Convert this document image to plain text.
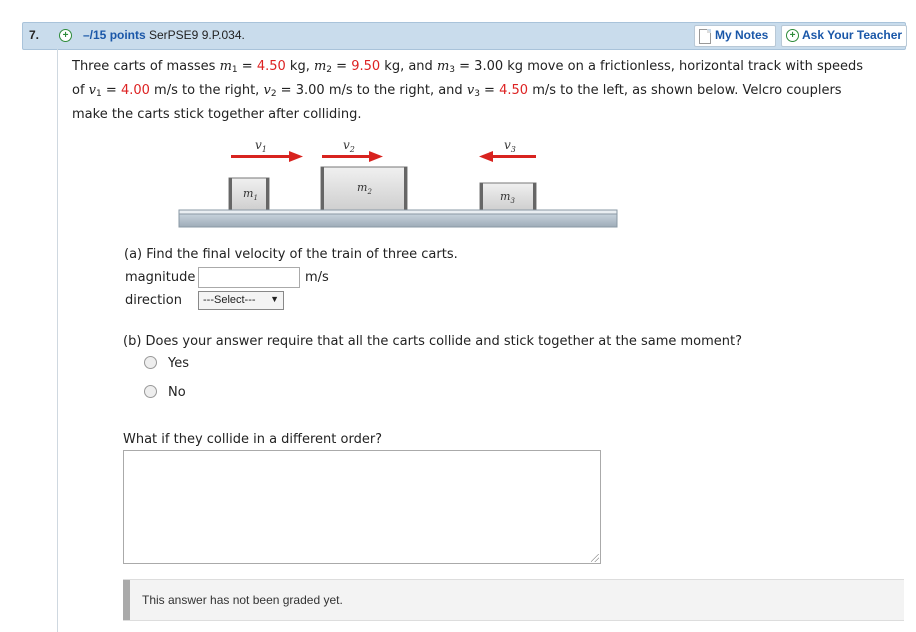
7.	+ –/15 points SerPSE9 9.P.034.	My Notes	+ Ask Your Teacher
Three carts of masses $m_1 = 4.50$ kg, $m_2 = 9.50$ kg, and $m_3 = 3.00$ kg move on a frictionless, horizontal track with speeds
of $v_1 = 4.00$ m/s to the right, $v_2 = 3.00$ m/s to the right, and $v_3 = 4.50$ m/s to the left, as shown below. Velcro couplers
make the carts stick together after colliding.
$v_1$	$v_2$	$v_3$
$m_1$
$m_2$	$m_3$
(a) Find the final velocity of the train of three carts.
magnitude	m/s
direction ---Select--- ▼
(b) Does your answer require that all the carts collide and stick together at the same moment?
Yes
No
What if they collide in a different order?
This answer has not been graded yet.
